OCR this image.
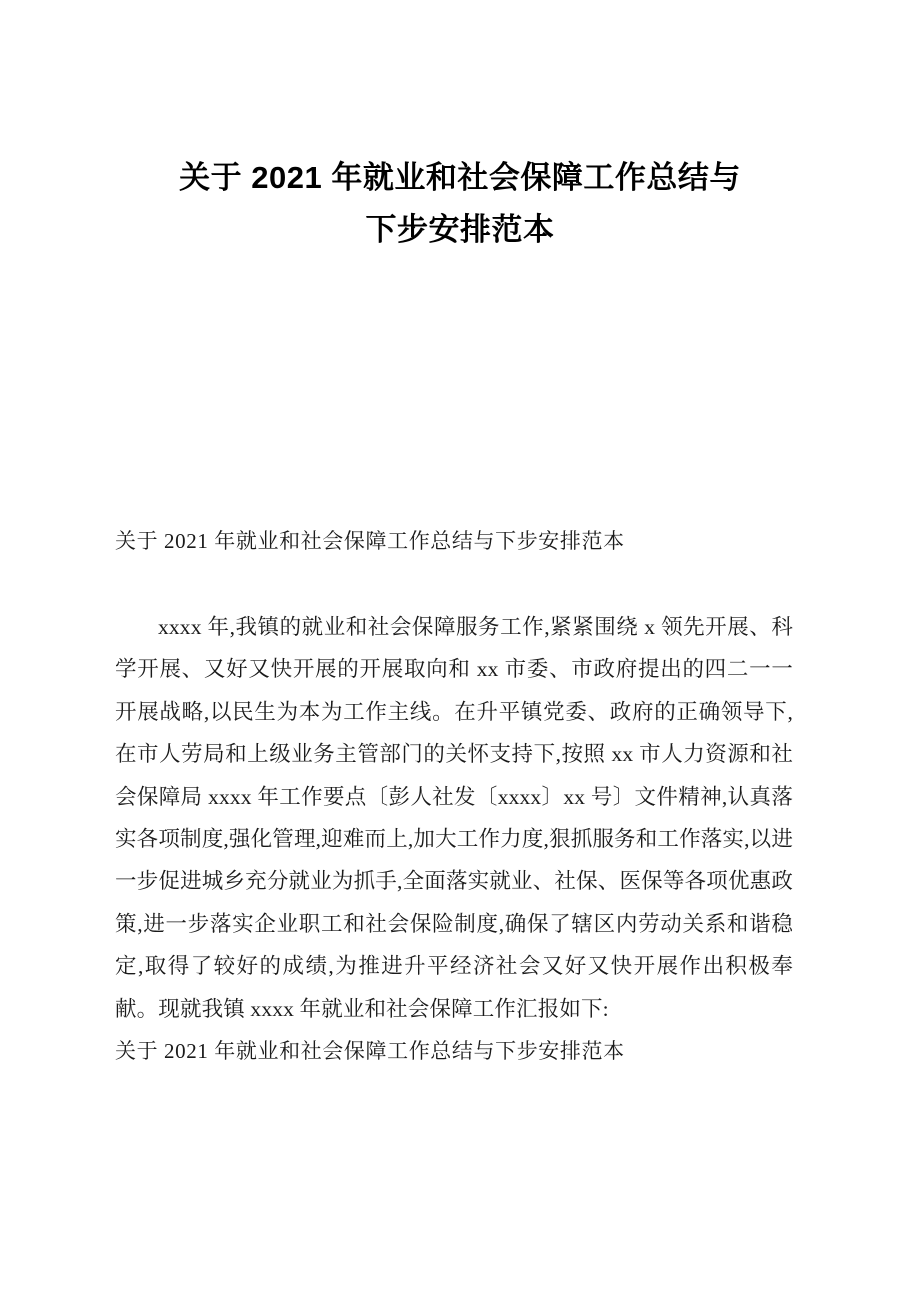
关于 2021 年就业和社会保障工作总结与
下步安排范本
关于 2021 年就业和社会保障工作总结与下步安排范本

xxxx 年,我镇的就业和社会保障服务工作,紧紧围绕 x 领先开展、科学开展、又好又快开展的开展取向和 xx 市委、市政府提出的四二一一开展战略,以民生为本为工作主线。在升平镇党委、政府的正确领导下,在市人劳局和上级业务主管部门的关怀支持下,按照 xx 市人力资源和社会保障局 xxxx 年工作要点〔彭人社发〔xxxx〕xx 号〕文件精神,认真落实各项制度,强化管理,迎难而上,加大工作力度,狠抓服务和工作落实,以进一步促进城乡充分就业为抓手,全面落实就业、社保、医保等各项优惠政策,进一步落实企业职工和社会保险制度,确保了辖区内劳动关系和谐稳定,取得了较好的成绩,为推进升平经济社会又好又快开展作出积极奉献。现就我镇 xxxx 年就业和社会保障工作汇报如下:

关于 2021 年就业和社会保障工作总结与下步安排范本
